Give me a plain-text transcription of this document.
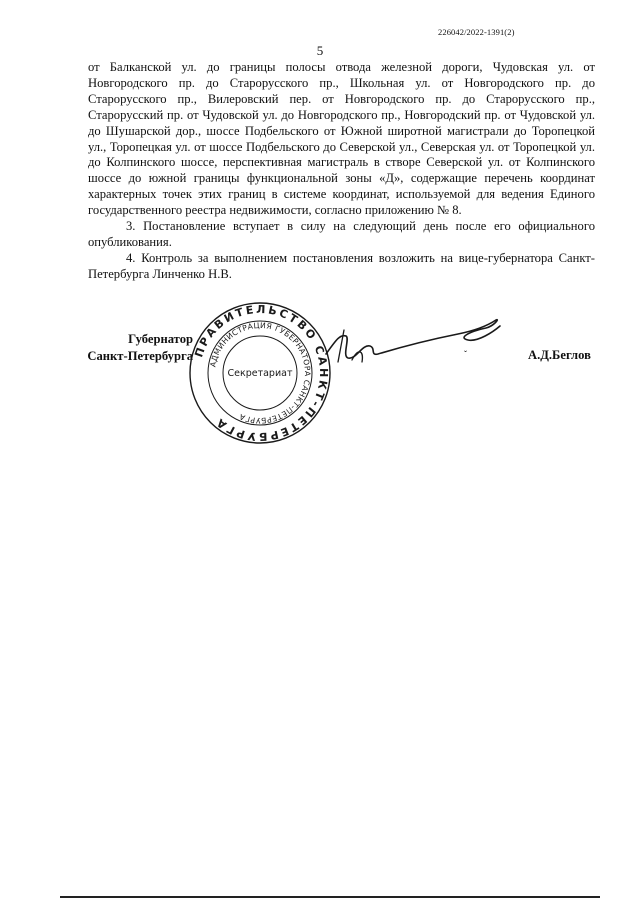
226042/2022-1391(2)
5

от Балканской ул. до границы полосы отвода железной дороги, Чудовская ул. от Новгородского пр. до Старорусского пр., Школьная ул. от Новгородского пр. до Старорусского пр., Вилеровский пер. от Новгородского пр. до Старорусского пр., Старорусский пр. от Чудовской ул. до Новгородского пр., Новгородский пр. от Чудовской ул. до Шушарской дор., шоссе Подбельского от Южной широтной магистрали до Торопецкой ул., Торопецкая ул. от шоссе Подбельского до Северской ул., Северская ул. от Торопецкой ул. до Колпинского шоссе, перспективная магистраль в створе Северской ул. от Колпинского шоссе до южной границы функциональной зоны «Д», содержащие перечень координат характерных точек этих границ в системе координат, используемой для ведения Единого государственного реестра недвижимости, согласно приложению № 8.

3. Постановление вступает в силу на следующий день после его официального опубликования.

4. Контроль за выполнением постановления возложить на вице-губернатора Санкт-Петербурга Линченко Н.В.

Губернатор
Санкт-Петербурга ПРАВИТЕЛЬСТВО САНКТ-ПЕТЕРБУРГА
АДМИНИСТРАЦИЯ ГУБЕРНАТОРА САНКТ-ПЕТЕРБУРГА
Секретариат
ˇ	А.Д.Беглов
